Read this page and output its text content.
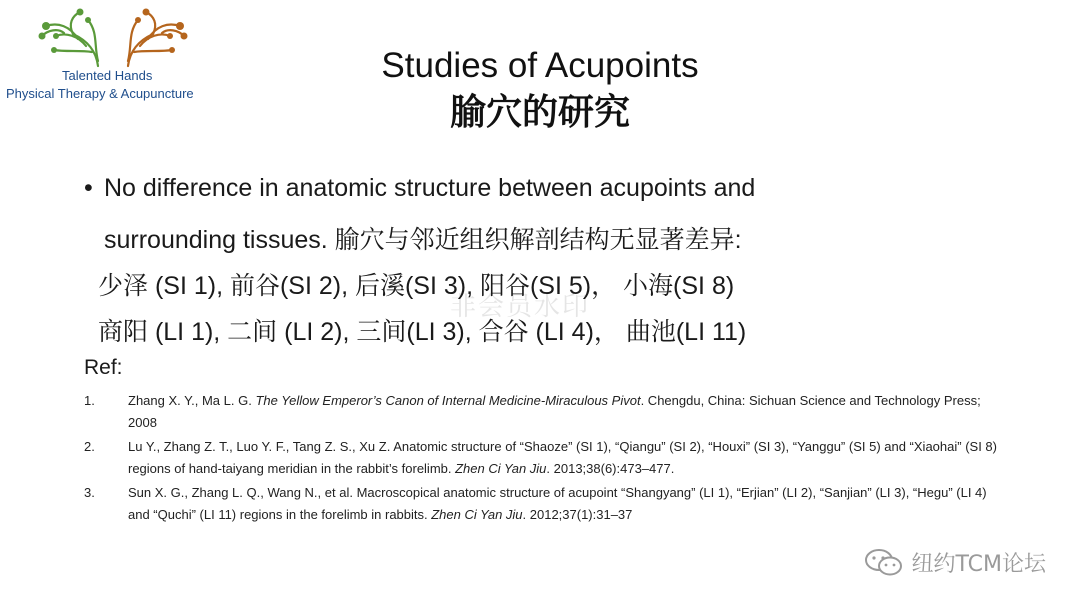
Talented Hands
Physical Therapy & Acupuncture
Studies of Acupoints
腧穴的研究
非会员水印
• No difference in anatomic structure between acupoints and
surrounding tissues. 腧穴与邻近组织解剖结构无显著差异:
少泽 (SI 1), 前谷(SI 2), 后溪(SI 3), 阳谷(SI 5)， 小海(SI 8)
商阳 (LI 1), 二间 (LI 2), 三间(LI 3), 合谷 (LI 4)， 曲池(LI 11)
Ref:
1.	Zhang X. Y., Ma L. G. The Yellow Emperor’s Canon of Internal Medicine-Miraculous Pivot. Chengdu, China: Sichuan Science and Technology Press; 2008
2.	Lu Y., Zhang Z. T., Luo Y. F., Tang Z. S., Xu Z. Anatomic structure of “Shaoze” (SI 1), “Qiangu” (SI 2), “Houxi” (SI 3), “Yanggu” (SI 5) and “Xiaohai” (SI 8) regions of hand-taiyang meridian in the rabbit’s forelimb. Zhen Ci Yan Jiu. 2013;38(6):473–477.
3.	Sun X. G., Zhang L. Q., Wang N., et al. Macroscopical anatomic structure of acupoint “Shangyang” (LI 1), “Erjian” (LI 2), “Sanjian” (LI 3), “Hegu” (LI 4) and “Quchi” (LI 11) regions in the forelimb in rabbits. Zhen Ci Yan Jiu. 2012;37(1):31–37
纽约TCM论坛
